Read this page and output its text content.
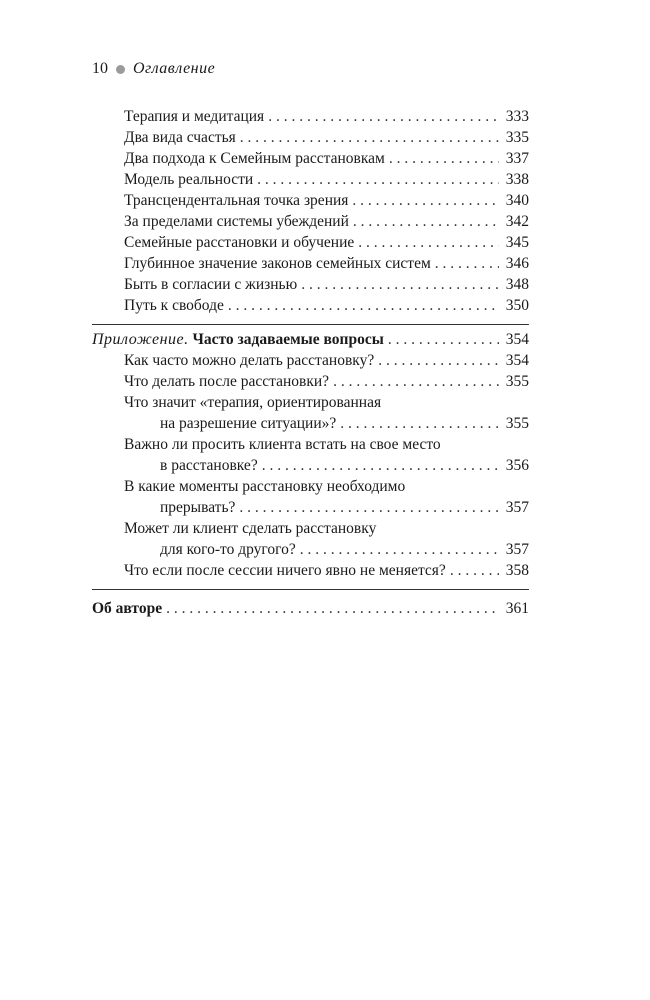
10 Оглавление
Терапия и медитация . . .	333
Два вида счастья . . .	335
Два подхода к Семейным расстановкам . . .	337
Модель реальности . . .	338
Трансцендентальная точка зрения . . .	340
За пределами системы убеждений . . .	342
Семейные расстановки и обучение . . .	345
Глубинное значение законов семейных систем . . .	346
Быть в согласии с жизнью . . .	348
Путь к свободе . . .	350
Приложение. Часто задаваемые вопросы . . .	354
Как часто можно делать расстановку? . . .	354
Что делать после расстановки? . . .	355
Что значит «терапия, ориентированная
на разрешение ситуации»? . . .	355
Важно ли просить клиента встать на свое место
в расстановке? . . .	356
В какие моменты расстановку необходимо
прерывать? . . .	357
Может ли клиент сделать расстановку
для кого-то другого? . . .	357
Что если после сессии ничего явно не меняется? . . .	358
Об авторе . . .	361
